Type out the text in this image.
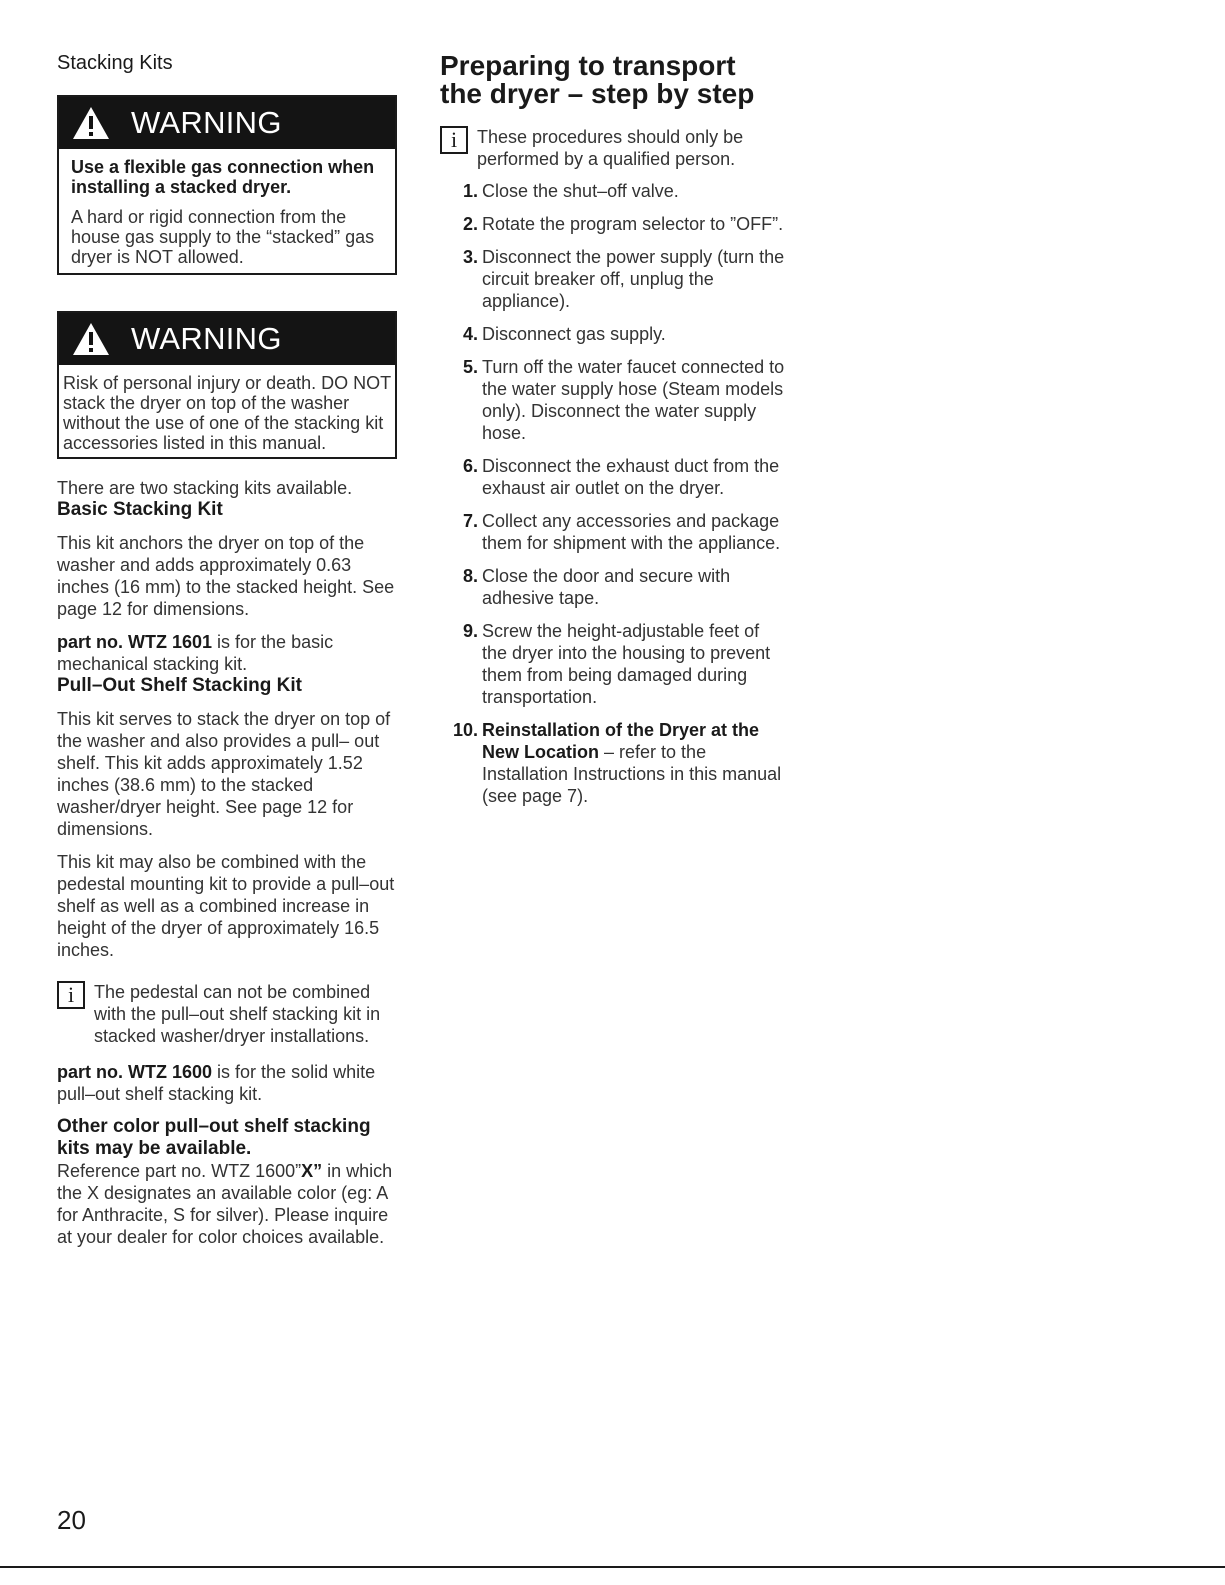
Stacking Kits
WARNING
Use a flexible gas connection when installing a stacked dryer.
A hard or rigid connection from the house gas supply to the “stacked” gas dryer is NOT allowed.
WARNING
Risk of personal injury or death. DO NOT stack the dryer on top of the washer without the use of one of the stacking kit accessories listed in this manual.

There are two stacking kits available.

Basic Stacking Kit

This kit anchors the dryer on top of the washer and adds approximately 0.63 inches (16 mm) to the stacked height. See page 12 for dimensions.

part no. WTZ 1601 is for the basic mechanical stacking kit.

Pull–Out Shelf Stacking Kit

This kit serves to stack the dryer on top of the washer and also provides a pull– out shelf. This kit adds approximately 1.52 inches (38.6 mm) to the stacked washer/dryer height. See page 12 for dimensions.

This kit may also be combined with the pedestal mounting kit to provide a pull–out shelf as well as a combined increase in height of the dryer of approximately 16.5 inches.

i	The pedestal can not be combined with the pull–out shelf stacking kit in stacked washer/dryer installations.

part no. WTZ 1600 is for the solid white pull–out shelf stacking kit.

Other color pull–out shelf stacking kits may be available.

Reference part no. WTZ 1600”X” in which the X designates an available color (eg: A for Anthracite, S for silver). Please inquire at your dealer for color choices available.

Preparing to transport the dryer – step by step
i	These procedures should only be performed by a qualified person.
1. Close the shut–off valve.
2. Rotate the program selector to ”OFF”.
3. Disconnect the power supply (turn the circuit breaker off, unplug the appliance).
4. Disconnect gas supply.
5. Turn off the water faucet connected to the water supply hose (Steam models only). Disconnect the water supply hose.
6. Disconnect the exhaust duct from the exhaust air outlet on the dryer.
7. Collect any accessories and package them for shipment with the appliance.
8. Close the door and secure with adhesive tape.
9. Screw the height-adjustable feet of the dryer into the housing to prevent them from being damaged during transportation.
10. Reinstallation of the Dryer at the New Location – refer to the Installation Instructions in this manual (see page 7).
20
